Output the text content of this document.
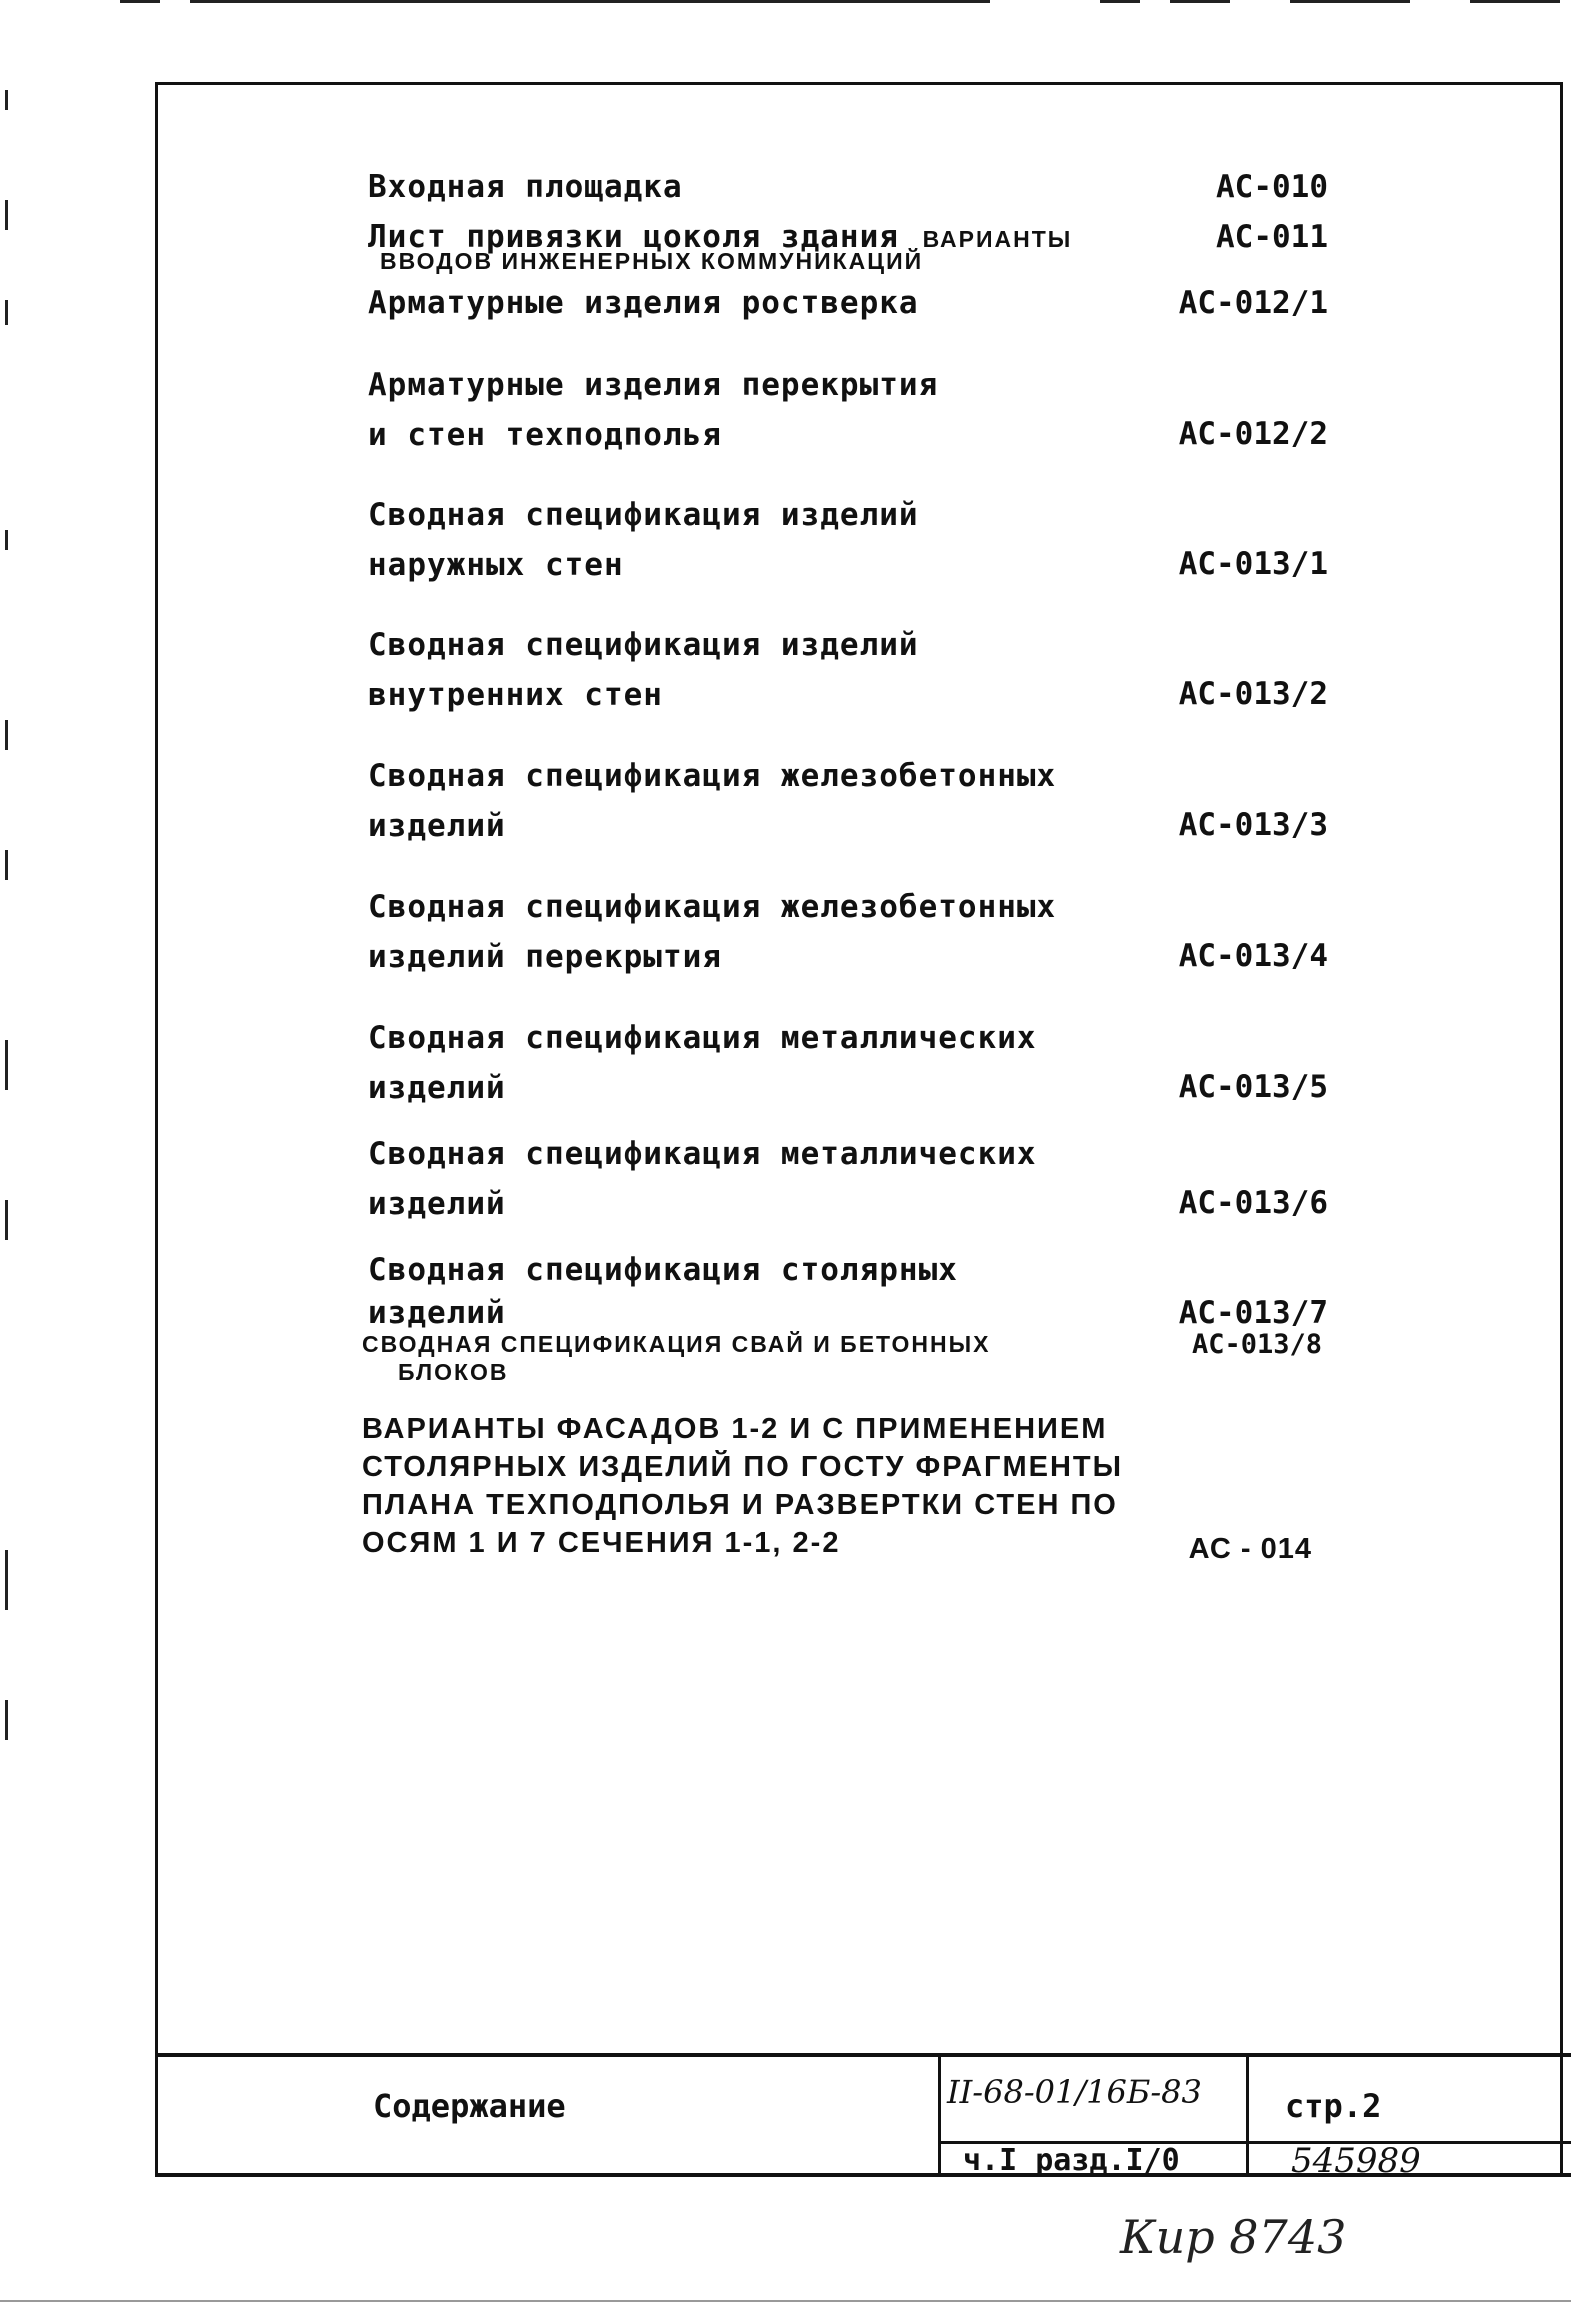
Входная площадка	АС-010
Лист привязки цоколя здания ВАРИАНТЫ
ВВОДОВ ИНЖЕНЕРНЫХ КОММУНИКАЦИЙ
АС-011
Арматурные изделия ростверка	АС-012/1
Арматурные изделия перекрытия
и стен техподполья	АС-012/2
Сводная спецификация изделий
наружных стен	АС-013/1
Сводная спецификация изделий
внутренних стен	АС-013/2
Сводная спецификация железобетонных
изделий	АС-013/3
Сводная спецификация железобетонных
изделий перекрытия	АС-013/4
Сводная спецификация металлических
изделий	АС-013/5
Сводная спецификация металлических
изделий	АС-013/6
Сводная спецификация столярных
изделий	АС-013/7
СВОДНАЯ СПЕЦИФИКАЦИЯ СВАЙ И БЕТОННЫХ
БЛОКОВ
АС-013/8
ВАРИАНТЫ ФАСАДОВ 1-2 И С ПРИМЕНЕНИЕМ
СТОЛЯРНЫХ ИЗДЕЛИЙ ПО ГОСТУ ФРАГМЕНТЫ
ПЛАНА ТЕХПОДПОЛЬЯ И РАЗВЕРТКИ СТЕН ПО
ОСЯМ 1 И 7 СЕЧЕНИЯ 1-1, 2-2	АС - 014
Содержание	II-68-01/16Б-83	стр.2
ч.I разд.I/0	545989
Кир 8743
